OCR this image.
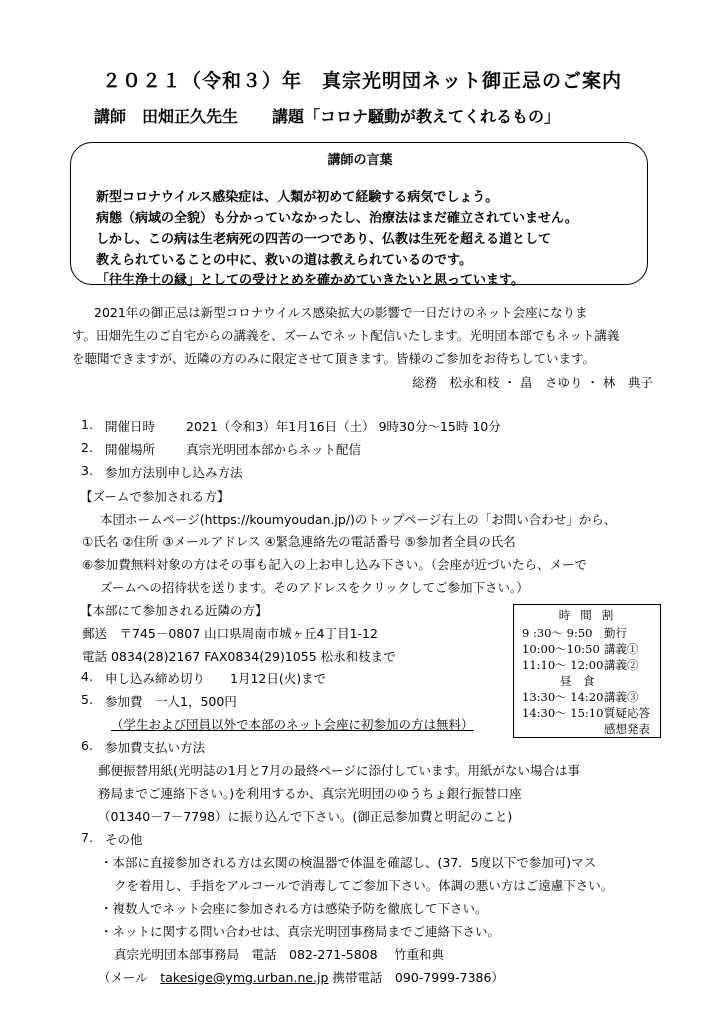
２０２１（令和３）年　真宗光明団ネット御正忌のご案内
講師　田畑正久先生 講題「コロナ騒動が教えてくれるもの」
講師の言葉
新型コロナウイルス感染症は、人類が初めて経験する病気でしょう。
病態（病域の全貌）も分かっていなかったし、治療法はまだ確立されていません。
しかし、この病は生老病死の四苦の一つであり、仏教は生死を超える道として
教えられていることの中に、救いの道は教えられているのです。
「往生浄土の縁」としての受けとめを確かめていきたいと思っています。
2021年の御正忌は新型コロナウイルス感染拡大の影響で一日だけのネット会座になりま
す。田畑先生のご自宅からの講義を、ズームでネット配信いたします。光明団本部でもネット講義
を聴聞できますが、近隣の方のみに限定させて頂きます。皆様のご参加をお待ちしています。
総務　松永和枝 ・ 畠　さゆり ・ 林　典子
1. 開催日時 2021（令和3）年1月16日（土） 9時30分～15時 10分
2. 開催場所 真宗光明団本部からネット配信
3. 参加方法別申し込み方法
【ズームで参加される方】
本団ホームページ(https://koumyoudan.jp/)のトップページ右上の「お問い合わせ」から、
①氏名 ②住所 ③メールアドレス ④緊急連絡先の電話番号 ⑤参加者全員の氏名
⑥参加費無料対象の方はその事も記入の上お申し込み下さい。（会座が近づいたら、メーで
ズームへの招待状を送ります。そのアドレスをクリックしてご参加下さい。）
【本部にて参加される近隣の方】
郵送　〒745－0807 山口県周南市城ヶ丘4丁目1-12
電話 0834(28)2167 FAX0834(29)1055 松永和枝まで
4. 申し込み締め切り　　1月12日(火)まで
5. 参加費　一人1，500円
（学生および団員以外で本部のネット会座に初参加の方は無料）
6. 参加費支払い方法
郵便振替用紙(光明誌の1月と7月の最終ページに添付しています。用紙がない場合は事
務局までご連絡下さい。)を利用するか、真宗光明団のゆうちょ銀行振替口座
（01340－7－7798）に振り込んで下さい。(御正忌参加費と明記のこと)
7. その他
・本部に直接参加される方は玄関の検温器で体温を確認し、(37．5度以下で参加可)マス
クを着用し、手指をアルコールで消毒してご参加下さい。体調の悪い方はご遠慮下さい。
・複数人でネット会座に参加される方は感染予防を徹底して下さい。
・ネットに関する問い合わせは、真宗光明団事務局までご連絡下さい。
真宗光明団本部事務局　電話　082-271-5808　 竹重和典
（メール　takesige@ymg.urban.ne.jp 携帯電話　090-7999-7386）
時間割
9 :30～ 9:50 勤行
10:00～10:50 講義①
11:10～ 12:00講義②
昼　食
13:30～ 14:20講義③
14:30～ 15:10質疑応答
感想発表
